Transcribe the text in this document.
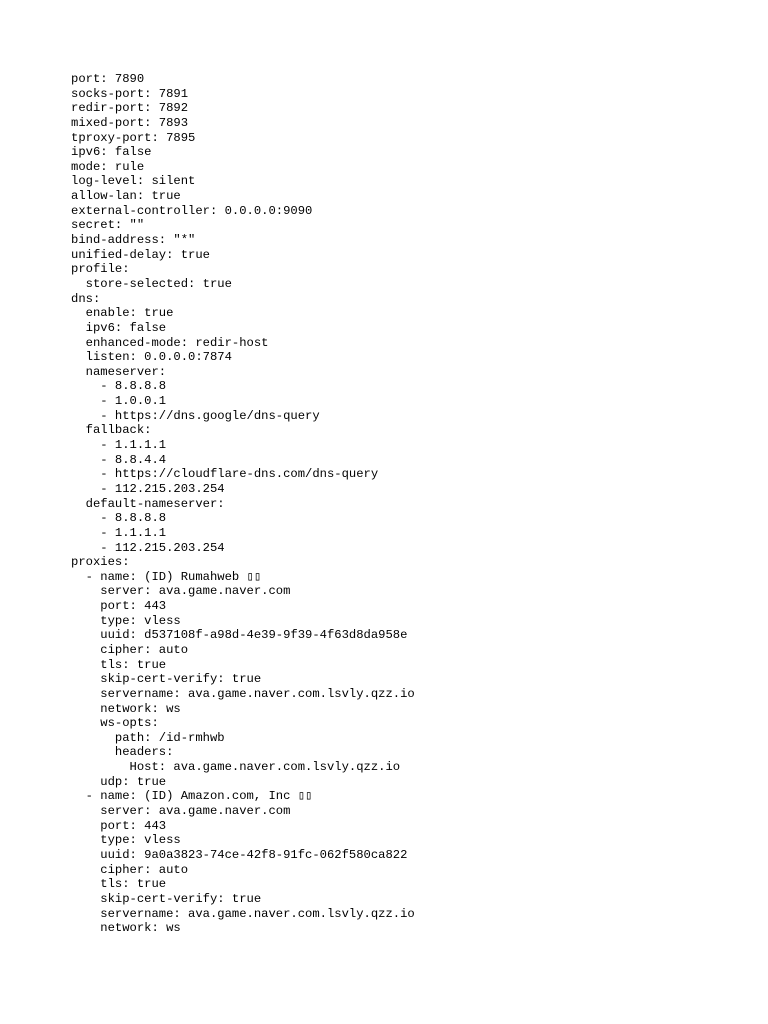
port: 7890
socks-port: 7891
redir-port: 7892
mixed-port: 7893
tproxy-port: 7895
ipv6: false
mode: rule
log-level: silent
allow-lan: true
external-controller: 0.0.0.0:9090
secret: ""
bind-address: "*"
unified-delay: true
profile:
store-selected: true
dns:
enable: true
ipv6: false
enhanced-mode: redir-host
listen: 0.0.0.0:7874
nameserver:
- 8.8.8.8
- 1.0.0.1
- https://dns.google/dns-query
fallback:
- 1.1.1.1
- 8.8.4.4
- https://cloudflare-dns.com/dns-query
- 112.215.203.254
default-nameserver:
- 8.8.8.8
- 1.1.1.1
- 112.215.203.254
proxies:
- name: (ID) Rumahweb ▯▯
server: ava.game.naver.com
port: 443
type: vless
uuid: d537108f-a98d-4e39-9f39-4f63d8da958e
cipher: auto
tls: true
skip-cert-verify: true
servername: ava.game.naver.com.lsvly.qzz.io
network: ws
ws-opts:
path: /id-rmhwb
headers:
Host: ava.game.naver.com.lsvly.qzz.io
udp: true
- name: (ID) Amazon.com, Inc ▯▯
server: ava.game.naver.com
port: 443
type: vless
uuid: 9a0a3823-74ce-42f8-91fc-062f580ca822
cipher: auto
tls: true
skip-cert-verify: true
servername: ava.game.naver.com.lsvly.qzz.io
network: ws
